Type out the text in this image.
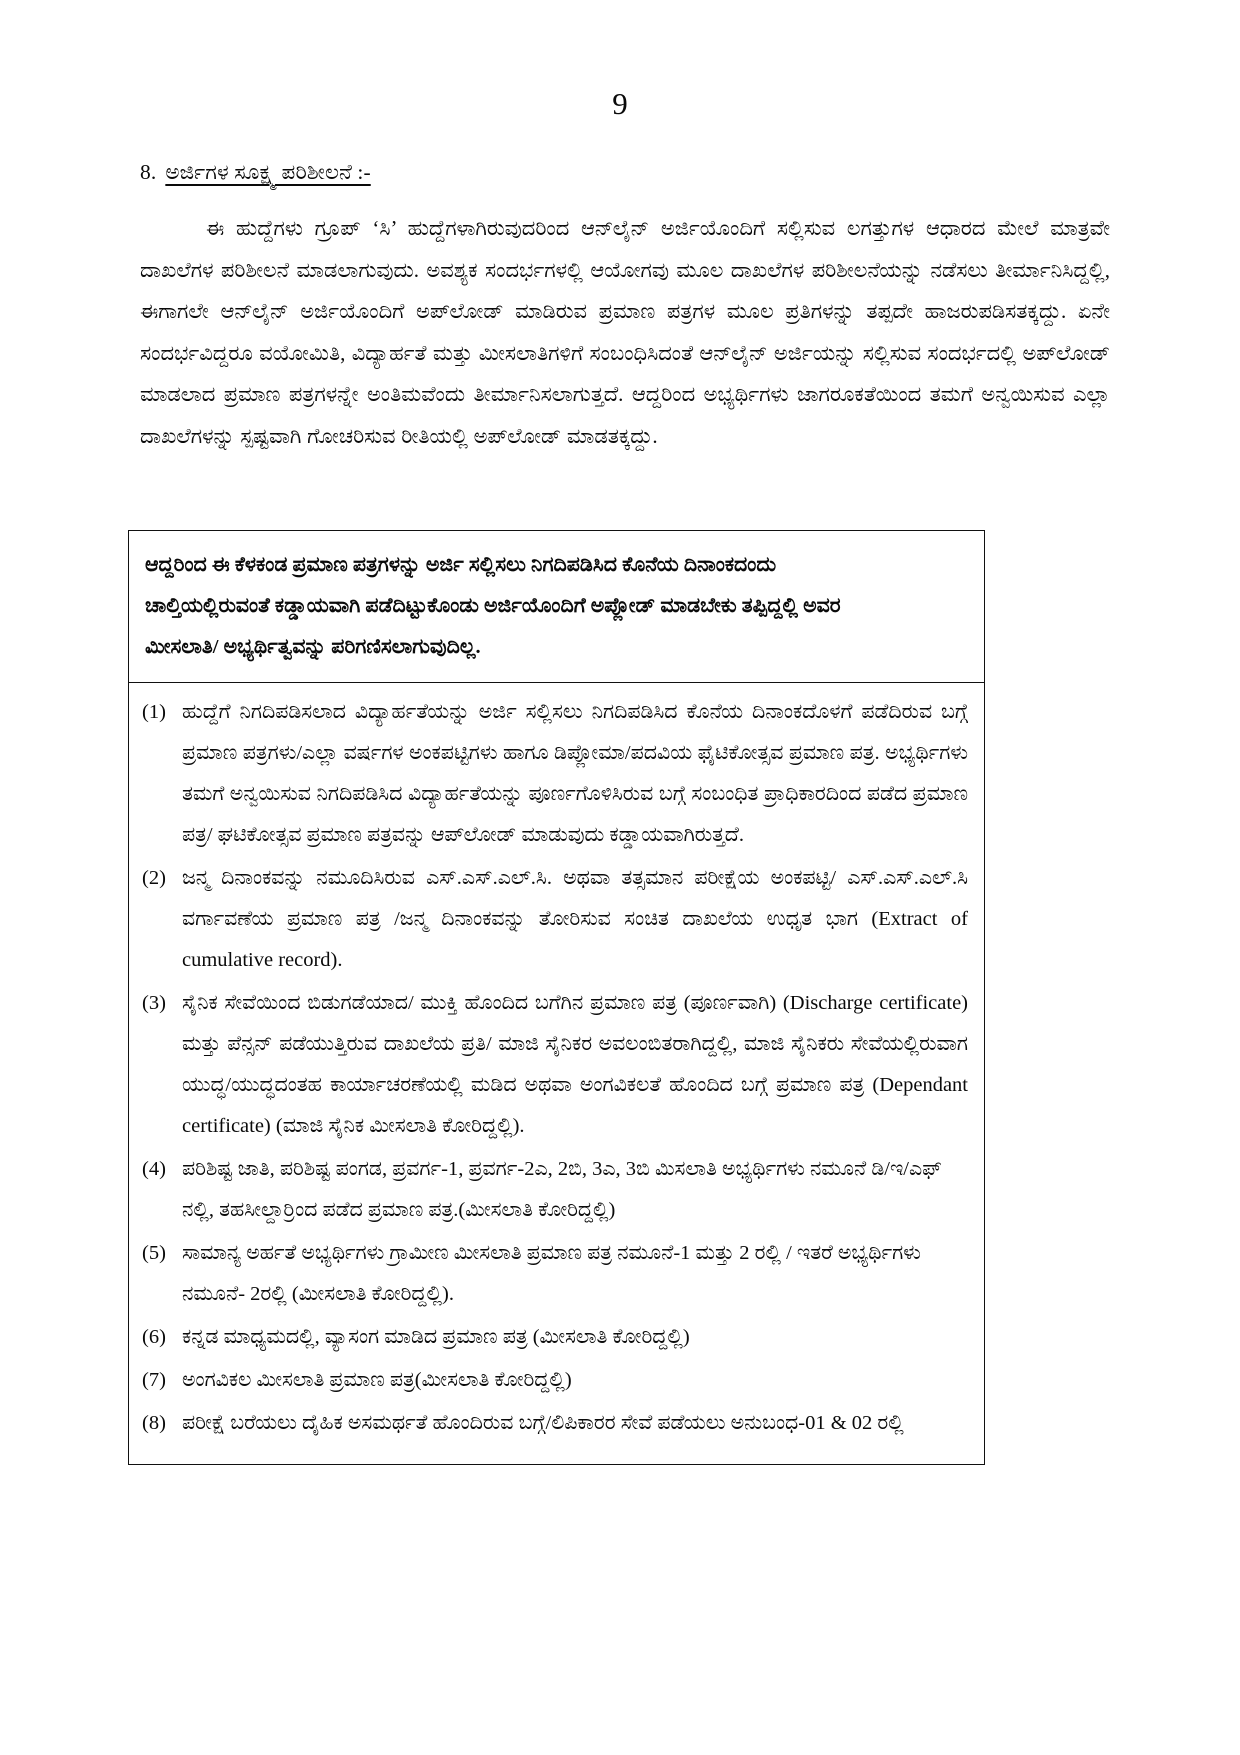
9
8. ಅರ್ಜಿಗಳ ಸೂಕ್ಷ್ಮ ಪರಿಶೀಲನೆ :-
ಈ ಹುದ್ದೆಗಳು ಗ್ರೂಪ್ ‘ಸಿ’ ಹುದ್ದೆಗಳಾಗಿರುವುದರಿಂದ ಆನ್‍ಲೈನ್ ಅರ್ಜಿಯೊಂದಿಗೆ ಸಲ್ಲಿಸುವ ಲಗತ್ತುಗಳ ಆಧಾರದ ಮೇಲೆ ಮಾತ್ರವೇ ದಾಖಲೆಗಳ ಪರಿಶೀಲನೆ ಮಾಡಲಾಗುವುದು. ಅವಶ್ಯಕ ಸಂದರ್ಭಗಳಲ್ಲಿ ಆಯೋಗವು ಮೂಲ ದಾಖಲೆಗಳ ಪರಿಶೀಲನೆಯನ್ನು ನಡೆಸಲು ತೀರ್ಮಾನಿಸಿದ್ದಲ್ಲಿ, ಈಗಾಗಲೇ ಆನ್‍ಲೈನ್ ಅರ್ಜಿಯೊಂದಿಗೆ ಅಪ್‍ಲೋಡ್ ಮಾಡಿರುವ ಪ್ರಮಾಣ ಪತ್ರಗಳ ಮೂಲ ಪ್ರತಿಗಳನ್ನು ತಪ್ಪದೇ ಹಾಜರುಪಡಿಸತಕ್ಕದ್ದು. ಏನೇ ಸಂದರ್ಭವಿದ್ದರೂ ವಯೋಮಿತಿ, ವಿದ್ಯಾರ್ಹತೆ ಮತ್ತು ಮೀಸಲಾತಿಗಳಿಗೆ ಸಂಬಂಧಿಸಿದಂತೆ ಆನ್‍ಲೈನ್ ಅರ್ಜಿಯನ್ನು ಸಲ್ಲಿಸುವ ಸಂದರ್ಭದಲ್ಲಿ ಅಪ್‍ಲೋಡ್ ಮಾಡಲಾದ ಪ್ರಮಾಣ ಪತ್ರಗಳನ್ನೇ ಅಂತಿಮವೆಂದು ತೀರ್ಮಾನಿಸಲಾಗುತ್ತದೆ. ಆದ್ದರಿಂದ ಅಭ್ಯರ್ಥಿಗಳು ಜಾಗರೂಕತೆಯಿಂದ ತಮಗೆ ಅನ್ವಯಿಸುವ ಎಲ್ಲಾ ದಾಖಲೆಗಳನ್ನು ಸ್ಪಷ್ಟವಾಗಿ ಗೋಚರಿಸುವ ರೀತಿಯಲ್ಲಿ ಅಪ್‍ಲೋಡ್ ಮಾಡತಕ್ಕದ್ದು.
ಆದ್ದರಿಂದ ಈ ಕೆಳಕಂಡ ಪ್ರಮಾಣ ಪತ್ರಗಳನ್ನು ಅರ್ಜಿ ಸಲ್ಲಿಸಲು ನಿಗದಿಪಡಿಸಿದ ಕೊನೆಯ ದಿನಾಂಕದಂದು
ಚಾಲ್ತಿಯಲ್ಲಿರುವಂತೆ ಕಡ್ಡಾಯವಾಗಿ ಪಡೆದಿಟ್ಟುಕೊಂಡು ಅರ್ಜಿಯೊಂದಿಗೆ ಅಪ್ಲೋಡ್ ಮಾಡಬೇಕು ತಪ್ಪಿದ್ದಲ್ಲಿ ಅವರ
ಮೀಸಲಾತಿ/ ಅಭ್ಯರ್ಥಿತ್ವವನ್ನು ಪರಿಗಣಿಸಲಾಗುವುದಿಲ್ಲ.
(1) ಹುದ್ದೆಗೆ ನಿಗದಿಪಡಿಸಲಾದ ವಿದ್ಯಾರ್ಹತೆಯನ್ನು ಅರ್ಜಿ ಸಲ್ಲಿಸಲು ನಿಗದಿಪಡಿಸಿದ ಕೊನೆಯ ದಿನಾಂಕದೊಳಗೆ ಪಡೆದಿರುವ ಬಗ್ಗೆ ಪ್ರಮಾಣ ಪತ್ರಗಳು/ಎಲ್ಲಾ ವರ್ಷಗಳ ಅಂಕಪಟ್ಟಿಗಳು ಹಾಗೂ ಡಿಪ್ಲೋಮಾ/ಪದವಿಯ ಫೈಟಿಕೋತ್ಸವ ಪ್ರಮಾಣ ಪತ್ರ. ಅಭ್ಯರ್ಥಿಗಳು ತಮಗೆ ಅನ್ವಯಿಸುವ ನಿಗದಿಪಡಿಸಿದ ವಿದ್ಯಾರ್ಹತೆಯನ್ನು ಪೂರ್ಣಗೊಳಿಸಿರುವ ಬಗ್ಗೆ ಸಂಬಂಧಿತ ಪ್ರಾಧಿಕಾರದಿಂದ ಪಡೆದ ಪ್ರಮಾಣ ಪತ್ರ/ ಘಟಿಕೋತ್ಸವ ಪ್ರಮಾಣ ಪತ್ರವನ್ನು ಆಪ್‍ಲೋಡ್ ಮಾಡುವುದು ಕಡ್ಡಾಯವಾಗಿರುತ್ತದೆ.
(2) ಜನ್ಮ ದಿನಾಂಕವನ್ನು ನಮೂದಿಸಿರುವ ಎಸ್.ಎಸ್.ಎಲ್.ಸಿ. ಅಥವಾ ತತ್ಸಮಾನ ಪರೀಕ್ಷೆಯ ಅಂಕಪಟ್ಟಿ/ ಎಸ್.ಎಸ್.ಎಲ್.ಸಿ ವರ್ಗಾವಣೆಯ ಪ್ರಮಾಣ ಪತ್ರ /ಜನ್ಮ ದಿನಾಂಕವನ್ನು ತೋರಿಸುವ ಸಂಚಿತ ದಾಖಲೆಯ ಉಧೃತ ಭಾಗ (Extract of cumulative record).
(3) ಸೈನಿಕ ಸೇವೆಯಿಂದ ಬಿಡುಗಡೆಯಾದ/ ಮುಕ್ತಿ ಹೊಂದಿದ ಬಗೆಗಿನ ಪ್ರಮಾಣ ಪತ್ರ (ಪೂರ್ಣವಾಗಿ) (Discharge certificate) ಮತ್ತು ಪೆನ್ಸನ್ ಪಡೆಯುತ್ತಿರುವ ದಾಖಲೆಯ ಪ್ರತಿ/ ಮಾಜಿ ಸೈನಿಕರ ಅವಲಂಬಿತರಾಗಿದ್ದಲ್ಲಿ, ಮಾಜಿ ಸೈನಿಕರು ಸೇವೆಯಲ್ಲಿರುವಾಗ ಯುದ್ಧ/ಯುದ್ಧದಂತಹ ಕಾರ್ಯಾಚರಣೆಯಲ್ಲಿ ಮಡಿದ ಅಥವಾ ಅಂಗವಿಕಲತೆ ಹೊಂದಿದ ಬಗ್ಗೆ ಪ್ರಮಾಣ ಪತ್ರ (Dependant certificate) (ಮಾಜಿ ಸೈನಿಕ ಮೀಸಲಾತಿ ಕೋರಿದ್ದಲ್ಲಿ).
(4) ಪರಿಶಿಷ್ಟ ಜಾತಿ, ಪರಿಶಿಷ್ಟ ಪಂಗಡ, ಪ್ರವರ್ಗ-1, ಪ್ರವರ್ಗ-2ಎ, 2ಬಿ, 3ಎ, 3ಬಿ ಮಿಸಲಾತಿ ಅಭ್ಯರ್ಥಿಗಳು ನಮೂನೆ ಡಿ/ಇ/ಎಫ್ ನಲ್ಲಿ, ತಹಸೀಲ್ದಾರ್‍ರಿಂದ ಪಡೆದ ಪ್ರಮಾಣ ಪತ್ರ.(ಮೀಸಲಾತಿ ಕೋರಿದ್ದಲ್ಲಿ)
(5) ಸಾಮಾನ್ಯ ಅರ್ಹತೆ ಅಭ್ಯರ್ಥಿಗಳು ಗ್ರಾಮೀಣ ಮೀಸಲಾತಿ ಪ್ರಮಾಣ ಪತ್ರ ನಮೂನೆ-1 ಮತ್ತು 2 ರಲ್ಲಿ / ಇತರೆ ಅಭ್ಯರ್ಥಿಗಳು ನಮೂನೆ- 2ರಲ್ಲಿ (ಮೀಸಲಾತಿ ಕೋರಿದ್ದಲ್ಲಿ).
(6) ಕನ್ನಡ ಮಾಧ್ಯಮದಲ್ಲಿ, ವ್ಯಾಸಂಗ ಮಾಡಿದ ಪ್ರಮಾಣ ಪತ್ರ (ಮೀಸಲಾತಿ ಕೋರಿದ್ದಲ್ಲಿ)
(7) ಅಂಗವಿಕಲ ಮೀಸಲಾತಿ ಪ್ರಮಾಣ ಪತ್ರ(ಮೀಸಲಾತಿ ಕೋರಿದ್ದಲ್ಲಿ)
(8) ಪರೀಕ್ಷೆ ಬರೆಯಲು ದೈಹಿಕ ಅಸಮರ್ಥತೆ ಹೊಂದಿರುವ ಬಗ್ಗೆ/ಲಿಪಿಕಾರರ ಸೇವೆ ಪಡೆಯಲು ಅನುಬಂಧ-01 & 02 ರಲ್ಲಿ
